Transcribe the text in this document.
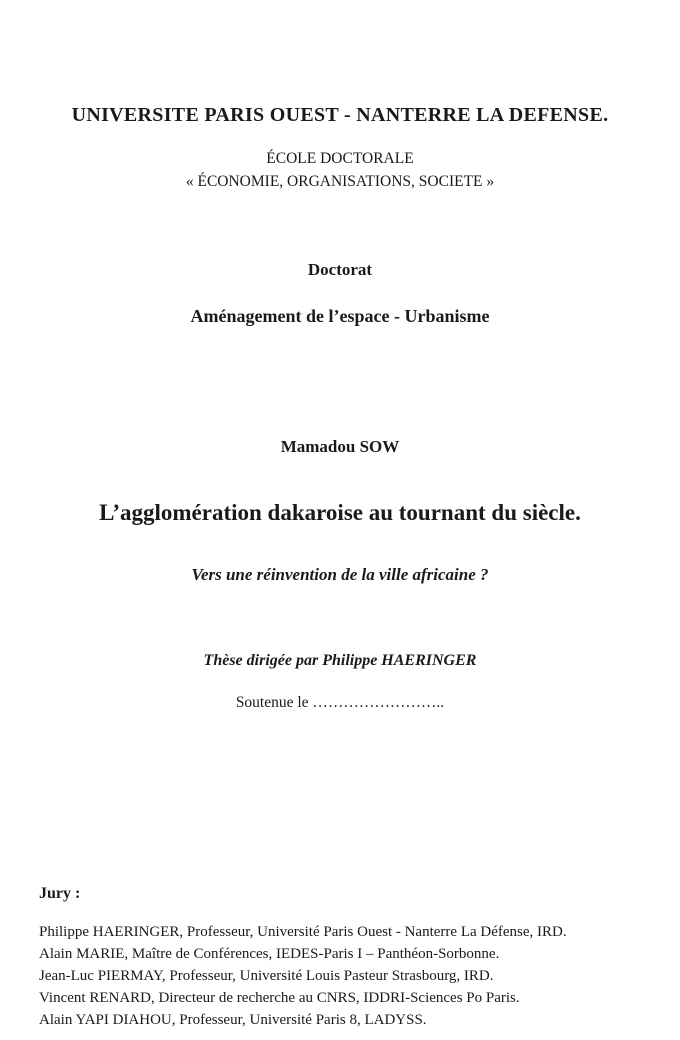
UNIVERSITE PARIS OUEST - NANTERRE LA DEFENSE.
ÉCOLE DOCTORALE
« ÉCONOMIE, ORGANISATIONS, SOCIETE »
Doctorat
Aménagement de l’espace - Urbanisme
Mamadou SOW
L’agglomération dakaroise au tournant du siècle.
Vers une réinvention de la ville africaine ?
Thèse dirigée par Philippe HAERINGER
Soutenue le ……………………..
Jury :
Philippe HAERINGER, Professeur, Université Paris Ouest - Nanterre La Défense, IRD.
Alain MARIE, Maître de Conférences, IEDES-Paris I – Panthéon-Sorbonne.
Jean-Luc PIERMAY, Professeur, Université Louis Pasteur Strasbourg, IRD.
Vincent RENARD, Directeur de recherche au CNRS, IDDRI-Sciences Po Paris.
Alain YAPI DIAHOU, Professeur, Université Paris 8, LADYSS.
